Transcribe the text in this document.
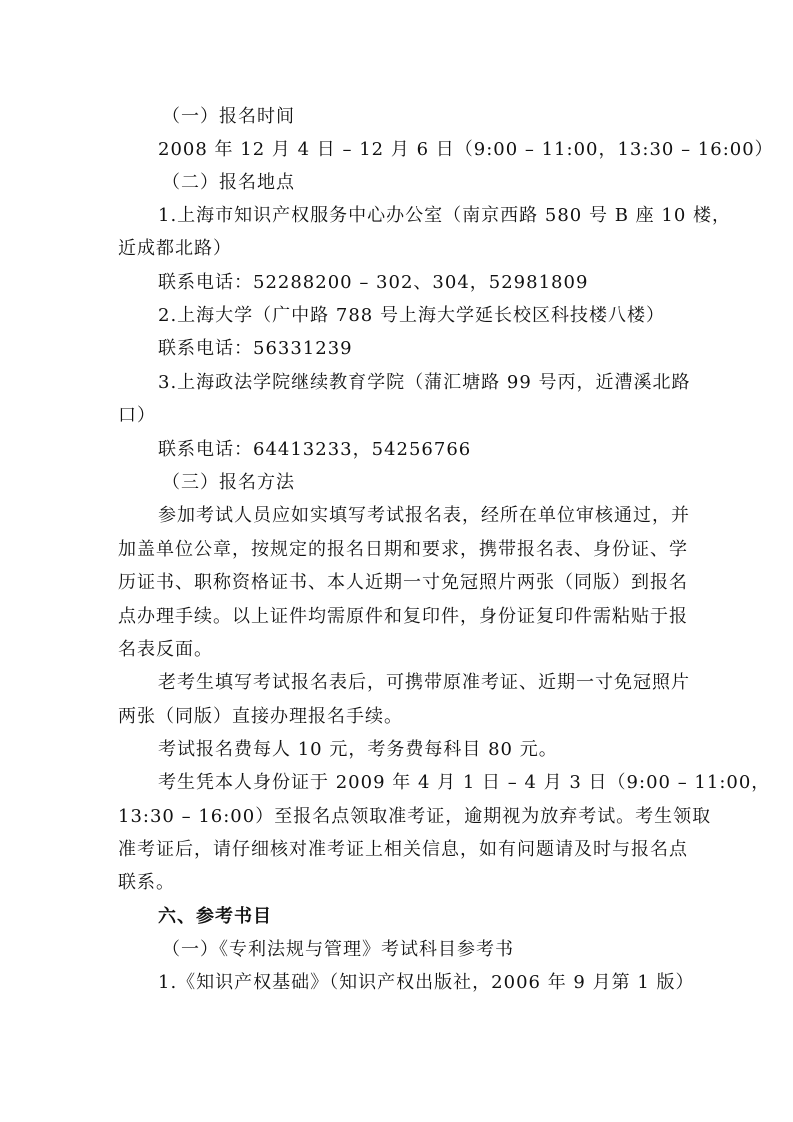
（一）报名时间
2008 年 12 月 4 日 – 12 月 6 日（9:00 – 11:00，13:30 – 16:00）
（二）报名地点
1.上海市知识产权服务中心办公室（南京西路 580 号 B 座 10 楼，
近成都北路）
联系电话：52288200 – 302、304，52981809
2.上海大学（广中路 788 号上海大学延长校区科技楼八楼）
联系电话：56331239
3.上海政法学院继续教育学院（蒲汇塘路 99 号丙，近漕溪北路
口）
联系电话：64413233，54256766
（三）报名方法
参加考试人员应如实填写考试报名表，经所在单位审核通过，并
加盖单位公章，按规定的报名日期和要求，携带报名表、身份证、学
历证书、职称资格证书、本人近期一寸免冠照片两张（同版）到报名
点办理手续。以上证件均需原件和复印件，身份证复印件需粘贴于报
名表反面。
老考生填写考试报名表后，可携带原准考证、近期一寸免冠照片
两张（同版）直接办理报名手续。
考试报名费每人 10 元，考务费每科目 80 元。
考生凭本人身份证于 2009 年 4 月 1 日 – 4 月 3 日（9:00 – 11:00，
13:30 – 16:00）至报名点领取准考证，逾期视为放弃考试。考生领取
准考证后，请仔细核对准考证上相关信息，如有问题请及时与报名点
联系。
六、参考书目
（一）《专利法规与管理》考试科目参考书
1.《知识产权基础》（知识产权出版社，2006 年 9 月第 1 版）
